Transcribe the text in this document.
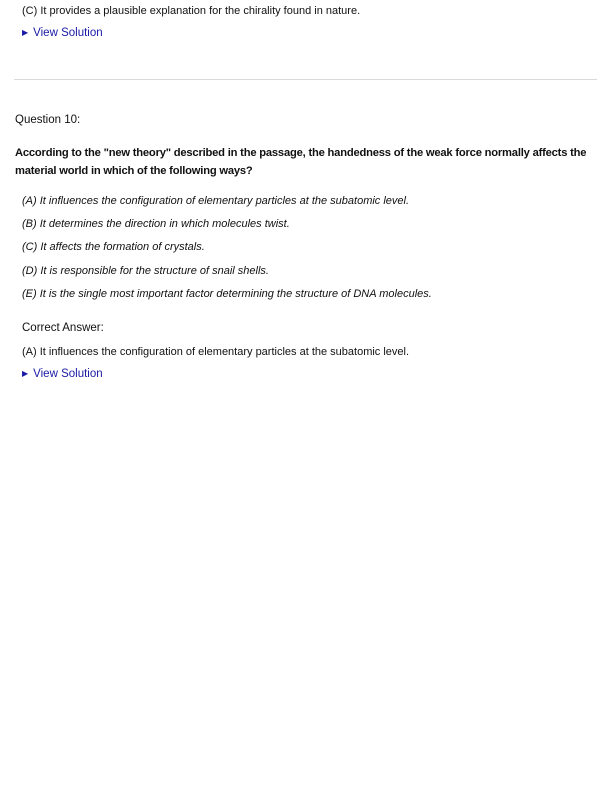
(C) It provides a plausible explanation for the chirality found in nature.
▶ View Solution
Question 10:
According to the "new theory" described in the passage, the handedness of the weak force normally affects the material world in which of the following ways?
(A) It influences the configuration of elementary particles at the subatomic level.
(B) It determines the direction in which molecules twist.
(C) It affects the formation of crystals.
(D) It is responsible for the structure of snail shells.
(E) It is the single most important factor determining the structure of DNA molecules.
Correct Answer:
(A) It influences the configuration of elementary particles at the subatomic level.
▶ View Solution
